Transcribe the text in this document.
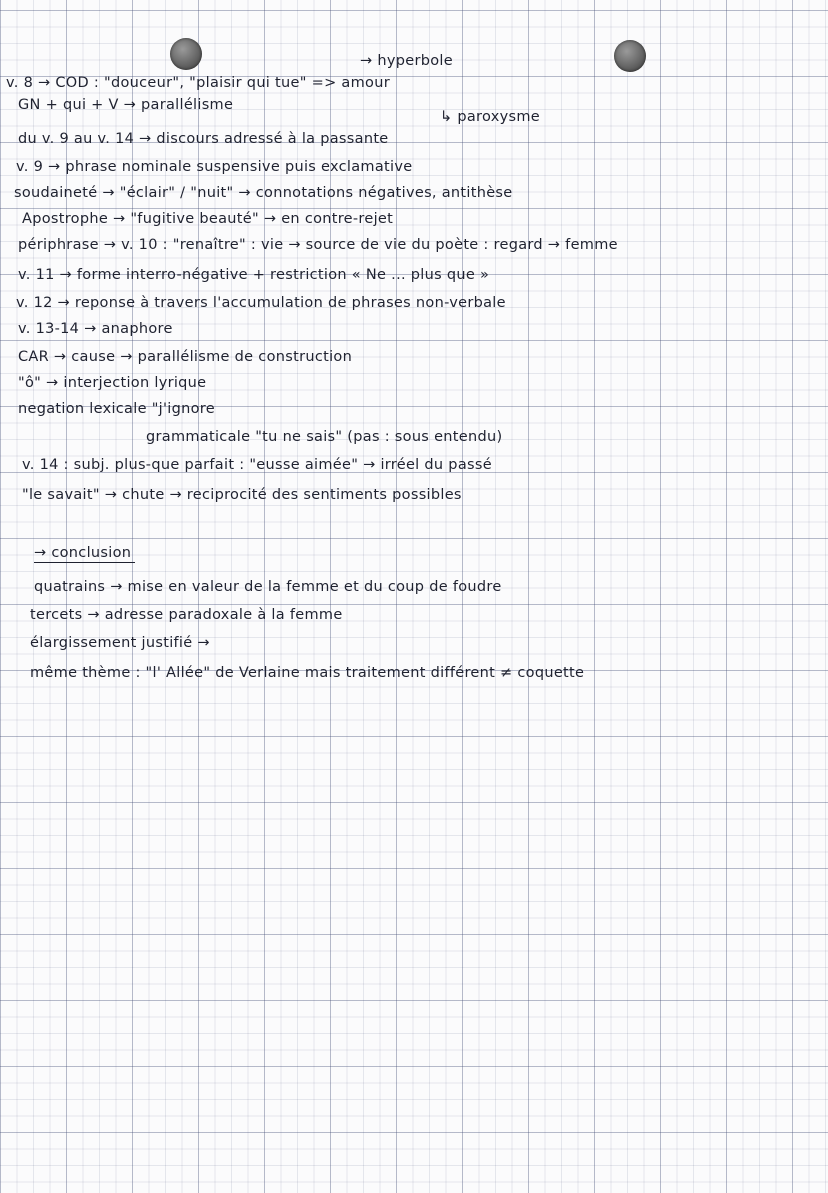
→ hyperbole
v. 8 → COD : "douceur", "plaisir qui tue" => amour
GN + qui + V → parallélisme
↳ paroxysme
du v. 9 au v. 14 → discours adressé à la passante
v. 9 → phrase nominale suspensive puis exclamative
soudaineté → "éclair" / "nuit" → connotations négatives, antithèse
Apostrophe → "fugitive beauté" → en contre-rejet
périphrase → v. 10 : "renaître" : vie → source de vie du poète : regard → femme
v. 11 → forme interro-négative + restriction « Ne ... plus que »
v. 12 → reponse à travers l'accumulation de phrases non-verbale
v. 13-14 → anaphore
CAR → cause → parallélisme de construction
"ô" → interjection lyrique
negation lexicale "j'ignore
grammaticale "tu ne sais" (pas : sous entendu)
v. 14 : subj. plus-que parfait : "eusse aimée" → irréel du passé
"le savait" → chute → reciprocité des sentiments possibles
→ conclusion
quatrains → mise en valeur de la femme et du coup de foudre
tercets → adresse paradoxale à la femme
élargissement justifié →
même thème : "l' Allée" de Verlaine mais traitement différent ≠ coquette
